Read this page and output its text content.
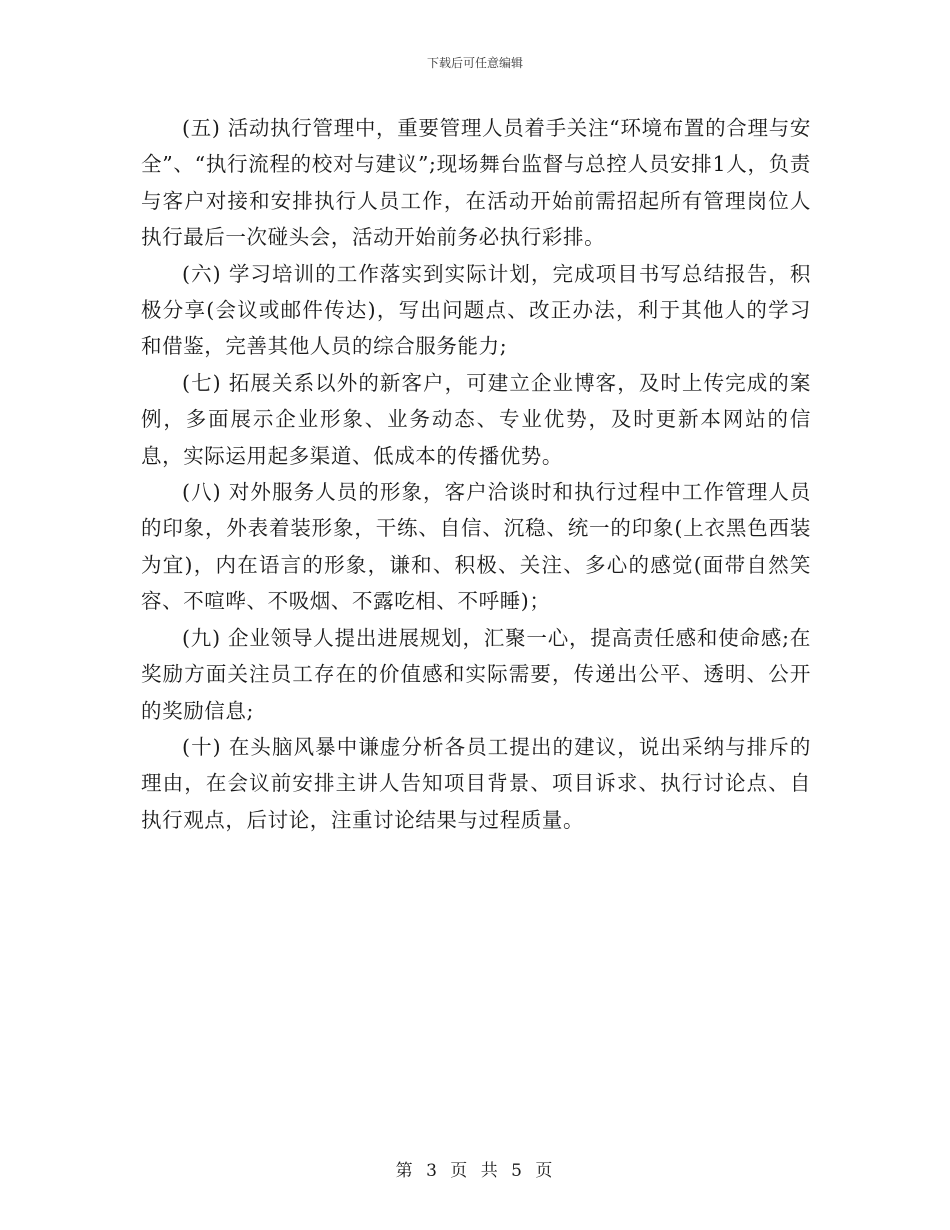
下载后可任意编辑

(五) 活动执行管理中，重要管理人员着手关注“环境布置的合理与安全”、“执行流程的校对与建议”;现场舞台监督与总控人员安排1人，负责与客户对接和安排执行人员工作，在活动开始前需招起所有管理岗位人执行最后一次碰头会，活动开始前务必执行彩排。

(六) 学习培训的工作落实到实际计划，完成项目书写总结报告，积极分享(会议或邮件传达)，写出问题点、改正办法，利于其他人的学习和借鉴，完善其他人员的综合服务能力;

(七) 拓展关系以外的新客户，可建立企业博客，及时上传完成的案例，多面展示企业形象、业务动态、专业优势，及时更新本网站的信息，实际运用起多渠道、低成本的传播优势。

(八) 对外服务人员的形象，客户洽谈时和执行过程中工作管理人员的印象，外表着装形象，干练、自信、沉稳、统一的印象(上衣黑色西装为宜)，内在语言的形象，谦和、积极、关注、多心的感觉(面带自然笑容、不喧哗、不吸烟、不露吃相、不呼睡)；

(九) 企业领导人提出进展规划，汇聚一心，提高责任感和使命感;在奖励方面关注员工存在的价值感和实际需要，传递出公平、透明、公开的奖励信息;

(十) 在头脑风暴中谦虚分析各员工提出的建议，说出采纳与排斥的理由，在会议前安排主讲人告知项目背景、项目诉求、执行讨论点、自执行观点，后讨论，注重讨论结果与过程质量。

第 3 页 共 5 页
